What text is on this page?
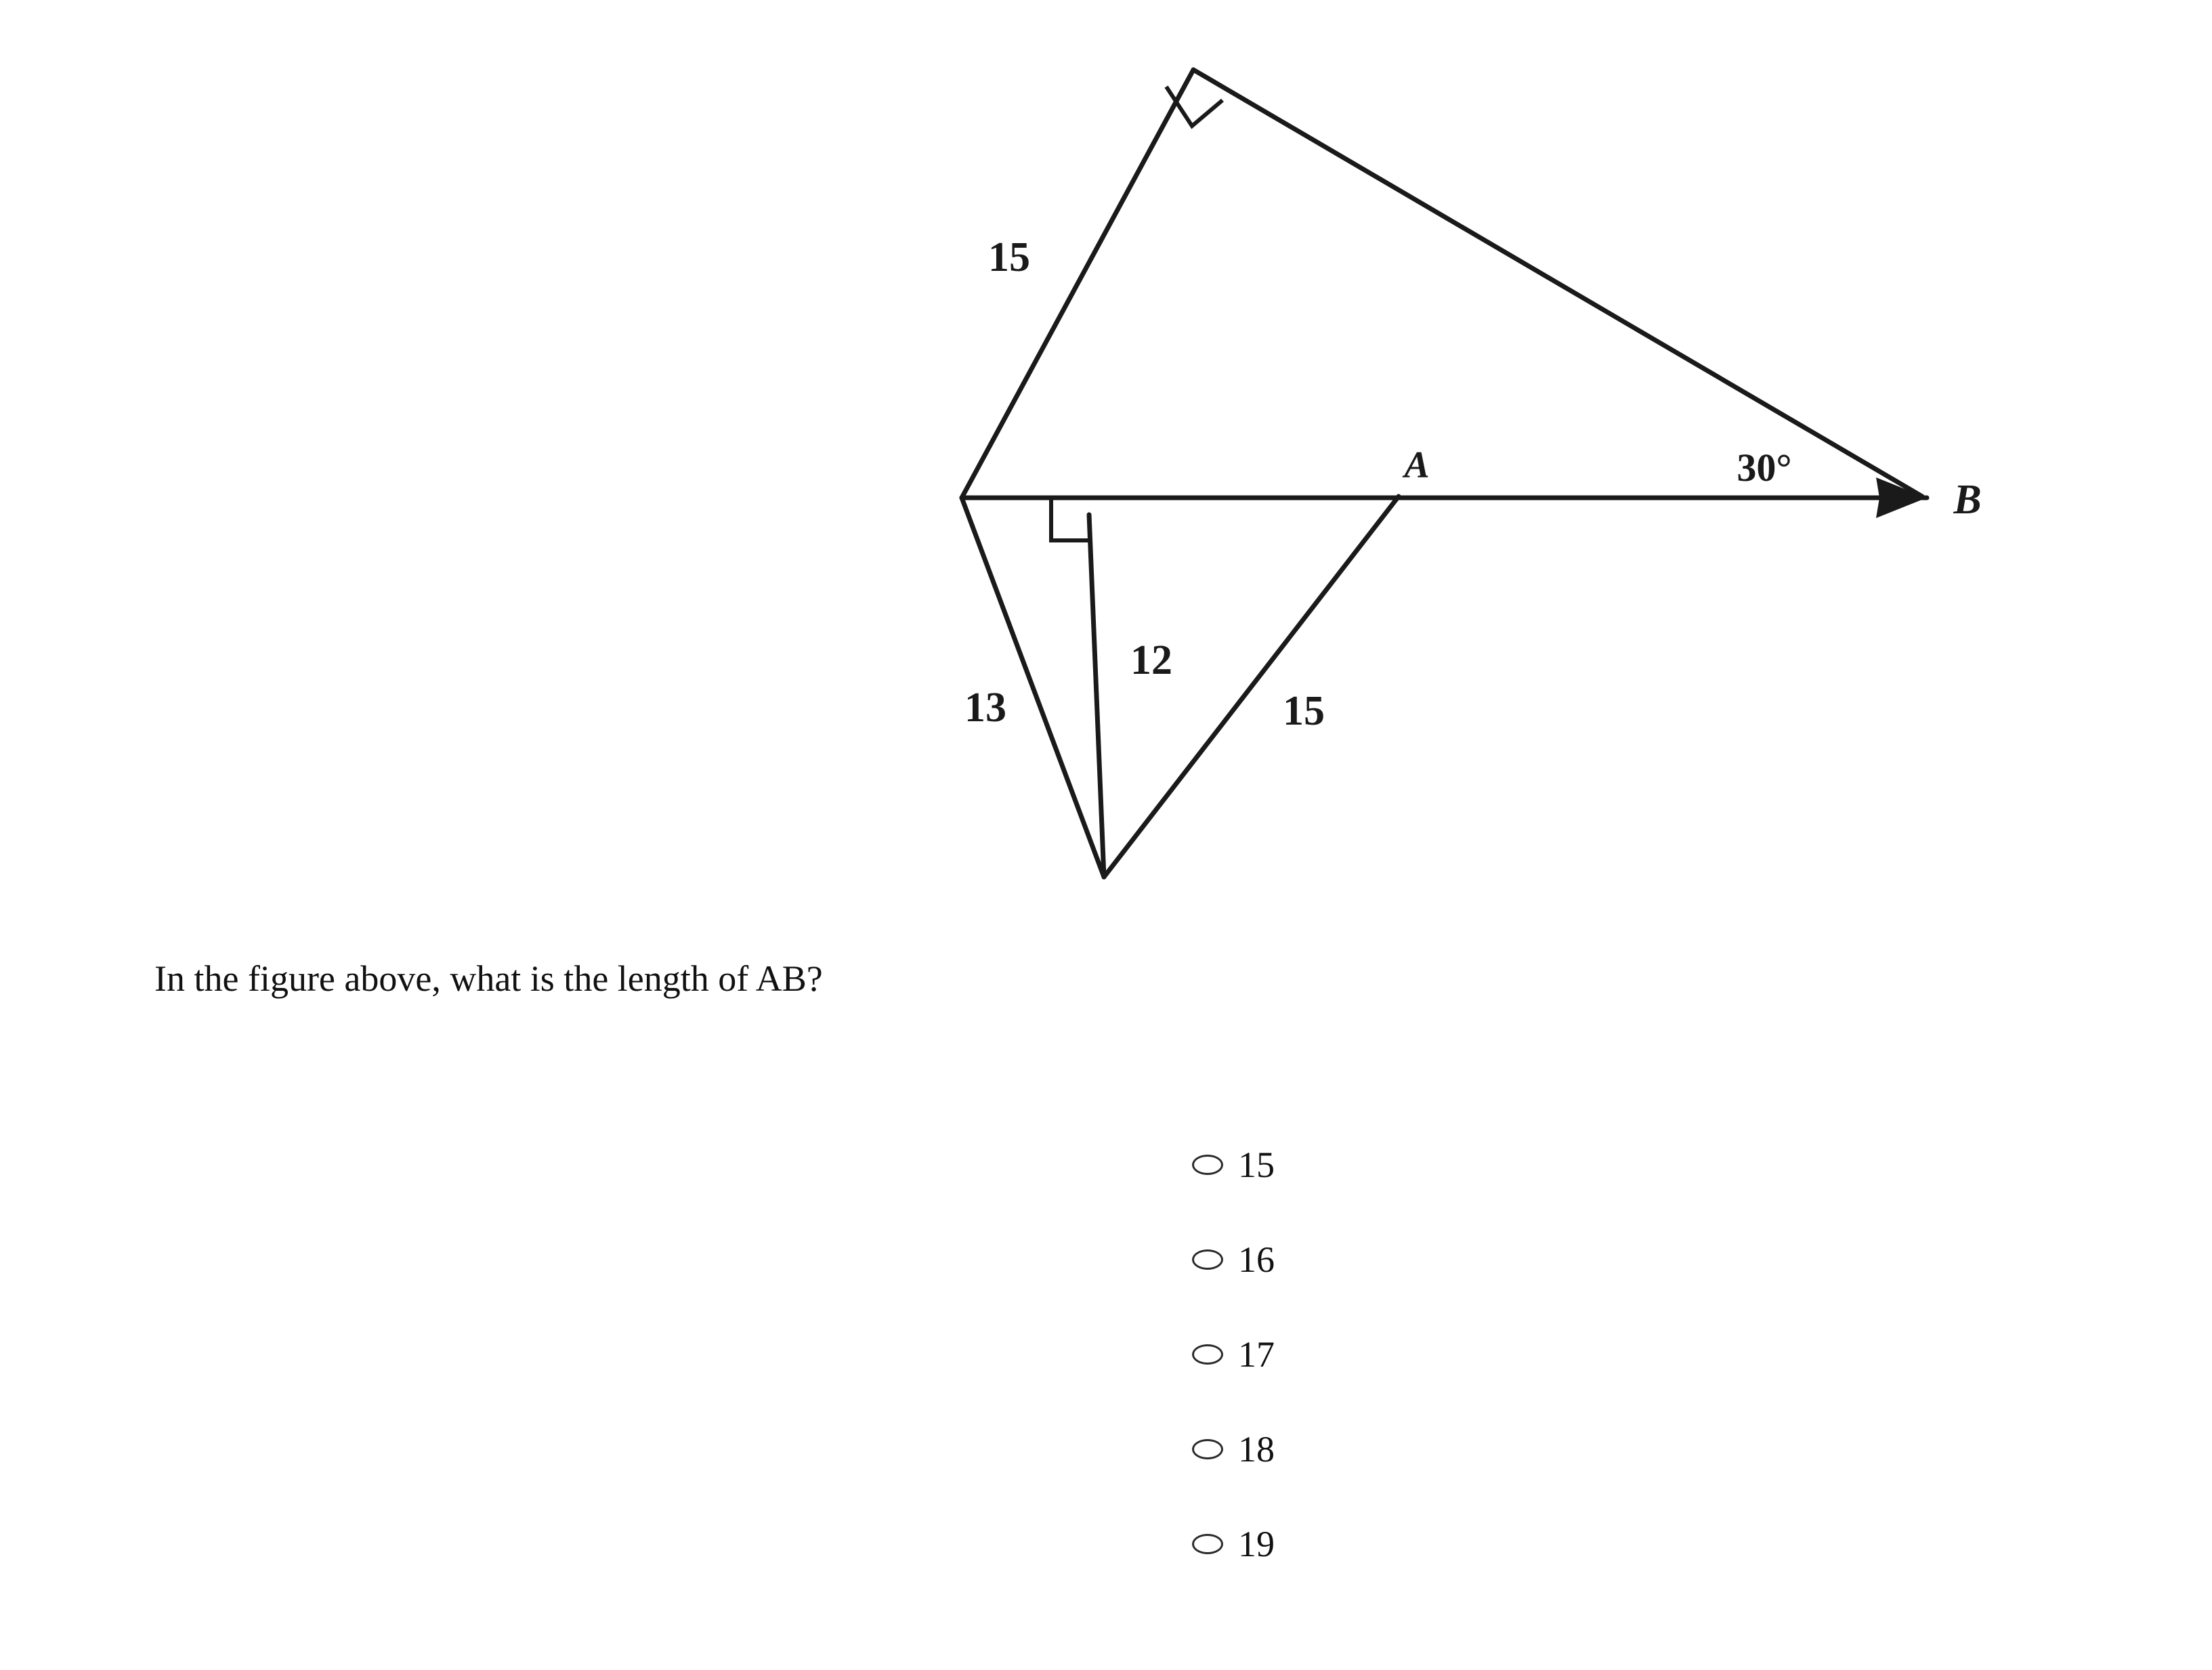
15
13
12
15
30°
A
B
In the figure above, what is the length of AB?
15
16
17
18
19
